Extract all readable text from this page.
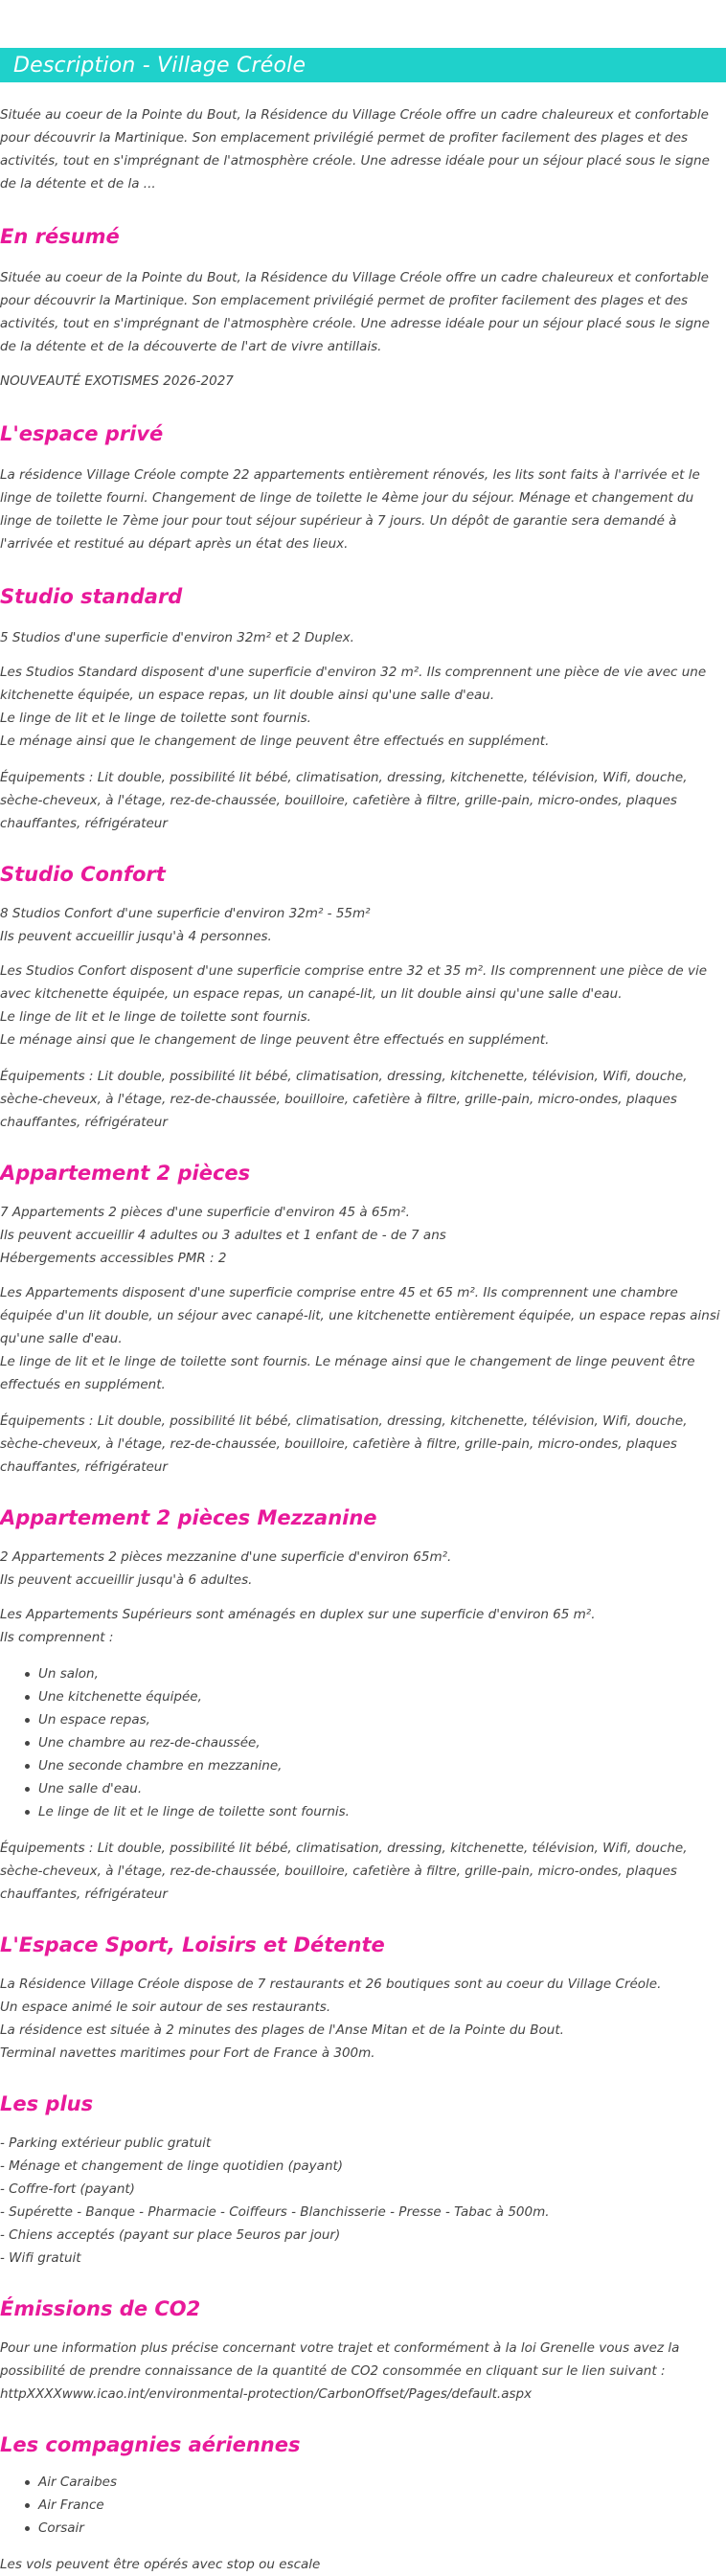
Description - Village Créole

Située au coeur de la Pointe du Bout, la Résidence du Village Créole offre un cadre chaleureux et confortable pour découvrir la Martinique. Son emplacement privilégié permet de profiter facilement des plages et des activités, tout en s'imprégnant de l'atmosphère créole. Une adresse idéale pour un séjour placé sous le signe de la détente et de la ...

En résumé

Située au coeur de la Pointe du Bout, la Résidence du Village Créole offre un cadre chaleureux et confortable pour découvrir la Martinique. Son emplacement privilégié permet de profiter facilement des plages et des activités, tout en s'imprégnant de l'atmosphère créole. Une adresse idéale pour un séjour placé sous le signe de la détente et de la découverte de l'art de vivre antillais.

NOUVEAUTÉ EXOTISMES 2026-2027

L'espace privé

La résidence Village Créole compte 22 appartements entièrement rénovés, les lits sont faits à l'arrivée et le linge de toilette fourni. Changement de linge de toilette le 4ème jour du séjour. Ménage et changement du linge de toilette le 7ème jour pour tout séjour supérieur à 7 jours. Un dépôt de garantie sera demandé à l'arrivée et restitué au départ après un état des lieux.

Studio standard

5 Studios d'une superficie d'environ 32m² et 2 Duplex.

Les Studios Standard disposent d'une superficie d'environ 32 m². Ils comprennent une pièce de vie avec une kitchenette équipée, un espace repas, un lit double ainsi qu'une salle d'eau.

Le linge de lit et le linge de toilette sont fournis.

Le ménage ainsi que le changement de linge peuvent être effectués en supplément.

Équipements : Lit double, possibilité lit bébé, climatisation, dressing, kitchenette, télévision, Wifi, douche, sèche-cheveux, à l'étage, rez-de-chaussée, bouilloire, cafetière à filtre, grille-pain, micro-ondes, plaques chauffantes, réfrigérateur

Studio Confort

8 Studios Confort d'une superficie d'environ 32m² - 55m²

Ils peuvent accueillir jusqu'à 4 personnes.

Les Studios Confort disposent d'une superficie comprise entre 32 et 35 m². Ils comprennent une pièce de vie avec kitchenette équipée, un espace repas, un canapé-lit, un lit double ainsi qu'une salle d'eau.

Le linge de lit et le linge de toilette sont fournis.

Le ménage ainsi que le changement de linge peuvent être effectués en supplément.

Équipements : Lit double, possibilité lit bébé, climatisation, dressing, kitchenette, télévision, Wifi, douche, sèche-cheveux, à l'étage, rez-de-chaussée, bouilloire, cafetière à filtre, grille-pain, micro-ondes, plaques chauffantes, réfrigérateur

Appartement 2 pièces

7 Appartements 2 pièces d'une superficie d'environ 45 à 65m².

Ils peuvent accueillir 4 adultes ou 3 adultes et 1 enfant de - de 7 ans

Hébergements accessibles PMR : 2

Les Appartements disposent d'une superficie comprise entre 45 et 65 m². Ils comprennent une chambre équipée d'un lit double, un séjour avec canapé-lit, une kitchenette entièrement équipée, un espace repas ainsi qu'une salle d'eau.

Le linge de lit et le linge de toilette sont fournis. Le ménage ainsi que le changement de linge peuvent être effectués en supplément.

Équipements : Lit double, possibilité lit bébé, climatisation, dressing, kitchenette, télévision, Wifi, douche, sèche-cheveux, à l'étage, rez-de-chaussée, bouilloire, cafetière à filtre, grille-pain, micro-ondes, plaques chauffantes, réfrigérateur

Appartement 2 pièces Mezzanine

2 Appartements 2 pièces mezzanine d'une superficie d'environ 65m².

Ils peuvent accueillir jusqu'à 6 adultes.

Les Appartements Supérieurs sont aménagés en duplex sur une superficie d'environ 65 m².

Ils comprennent :

Un salon,
Une kitchenette équipée,
Un espace repas,
Une chambre au rez-de-chaussée,
Une seconde chambre en mezzanine,
Une salle d'eau.
Le linge de lit et le linge de toilette sont fournis.

Équipements : Lit double, possibilité lit bébé, climatisation, dressing, kitchenette, télévision, Wifi, douche, sèche-cheveux, à l'étage, rez-de-chaussée, bouilloire, cafetière à filtre, grille-pain, micro-ondes, plaques chauffantes, réfrigérateur

L'Espace Sport, Loisirs et Détente

La Résidence Village Créole dispose de 7 restaurants et 26 boutiques sont au coeur du Village Créole.

Un espace animé le soir autour de ses restaurants.

La résidence est située à 2 minutes des plages de l'Anse Mitan et de la Pointe du Bout.

Terminal navettes maritimes pour Fort de France à 300m.

Les plus

- Parking extérieur public gratuit

- Ménage et changement de linge quotidien (payant)

- Coffre-fort (payant)

- Supérette - Banque - Pharmacie - Coiffeurs - Blanchisserie - Presse - Tabac à 500m.

- Chiens acceptés (payant sur place 5euros par jour)

- Wifi gratuit

Émissions de CO2

Pour une information plus précise concernant votre trajet et conformément à la loi Grenelle vous avez la possibilité de prendre connaissance de la quantité de CO2 consommée en cliquant sur le lien suivant :

httpXXXXwww.icao.int/environmental-protection/CarbonOffset/Pages/default.aspx

Les compagnies aériennes
Air Caraibes
Air France
Corsair

Les vols peuvent être opérés avec stop ou escale
